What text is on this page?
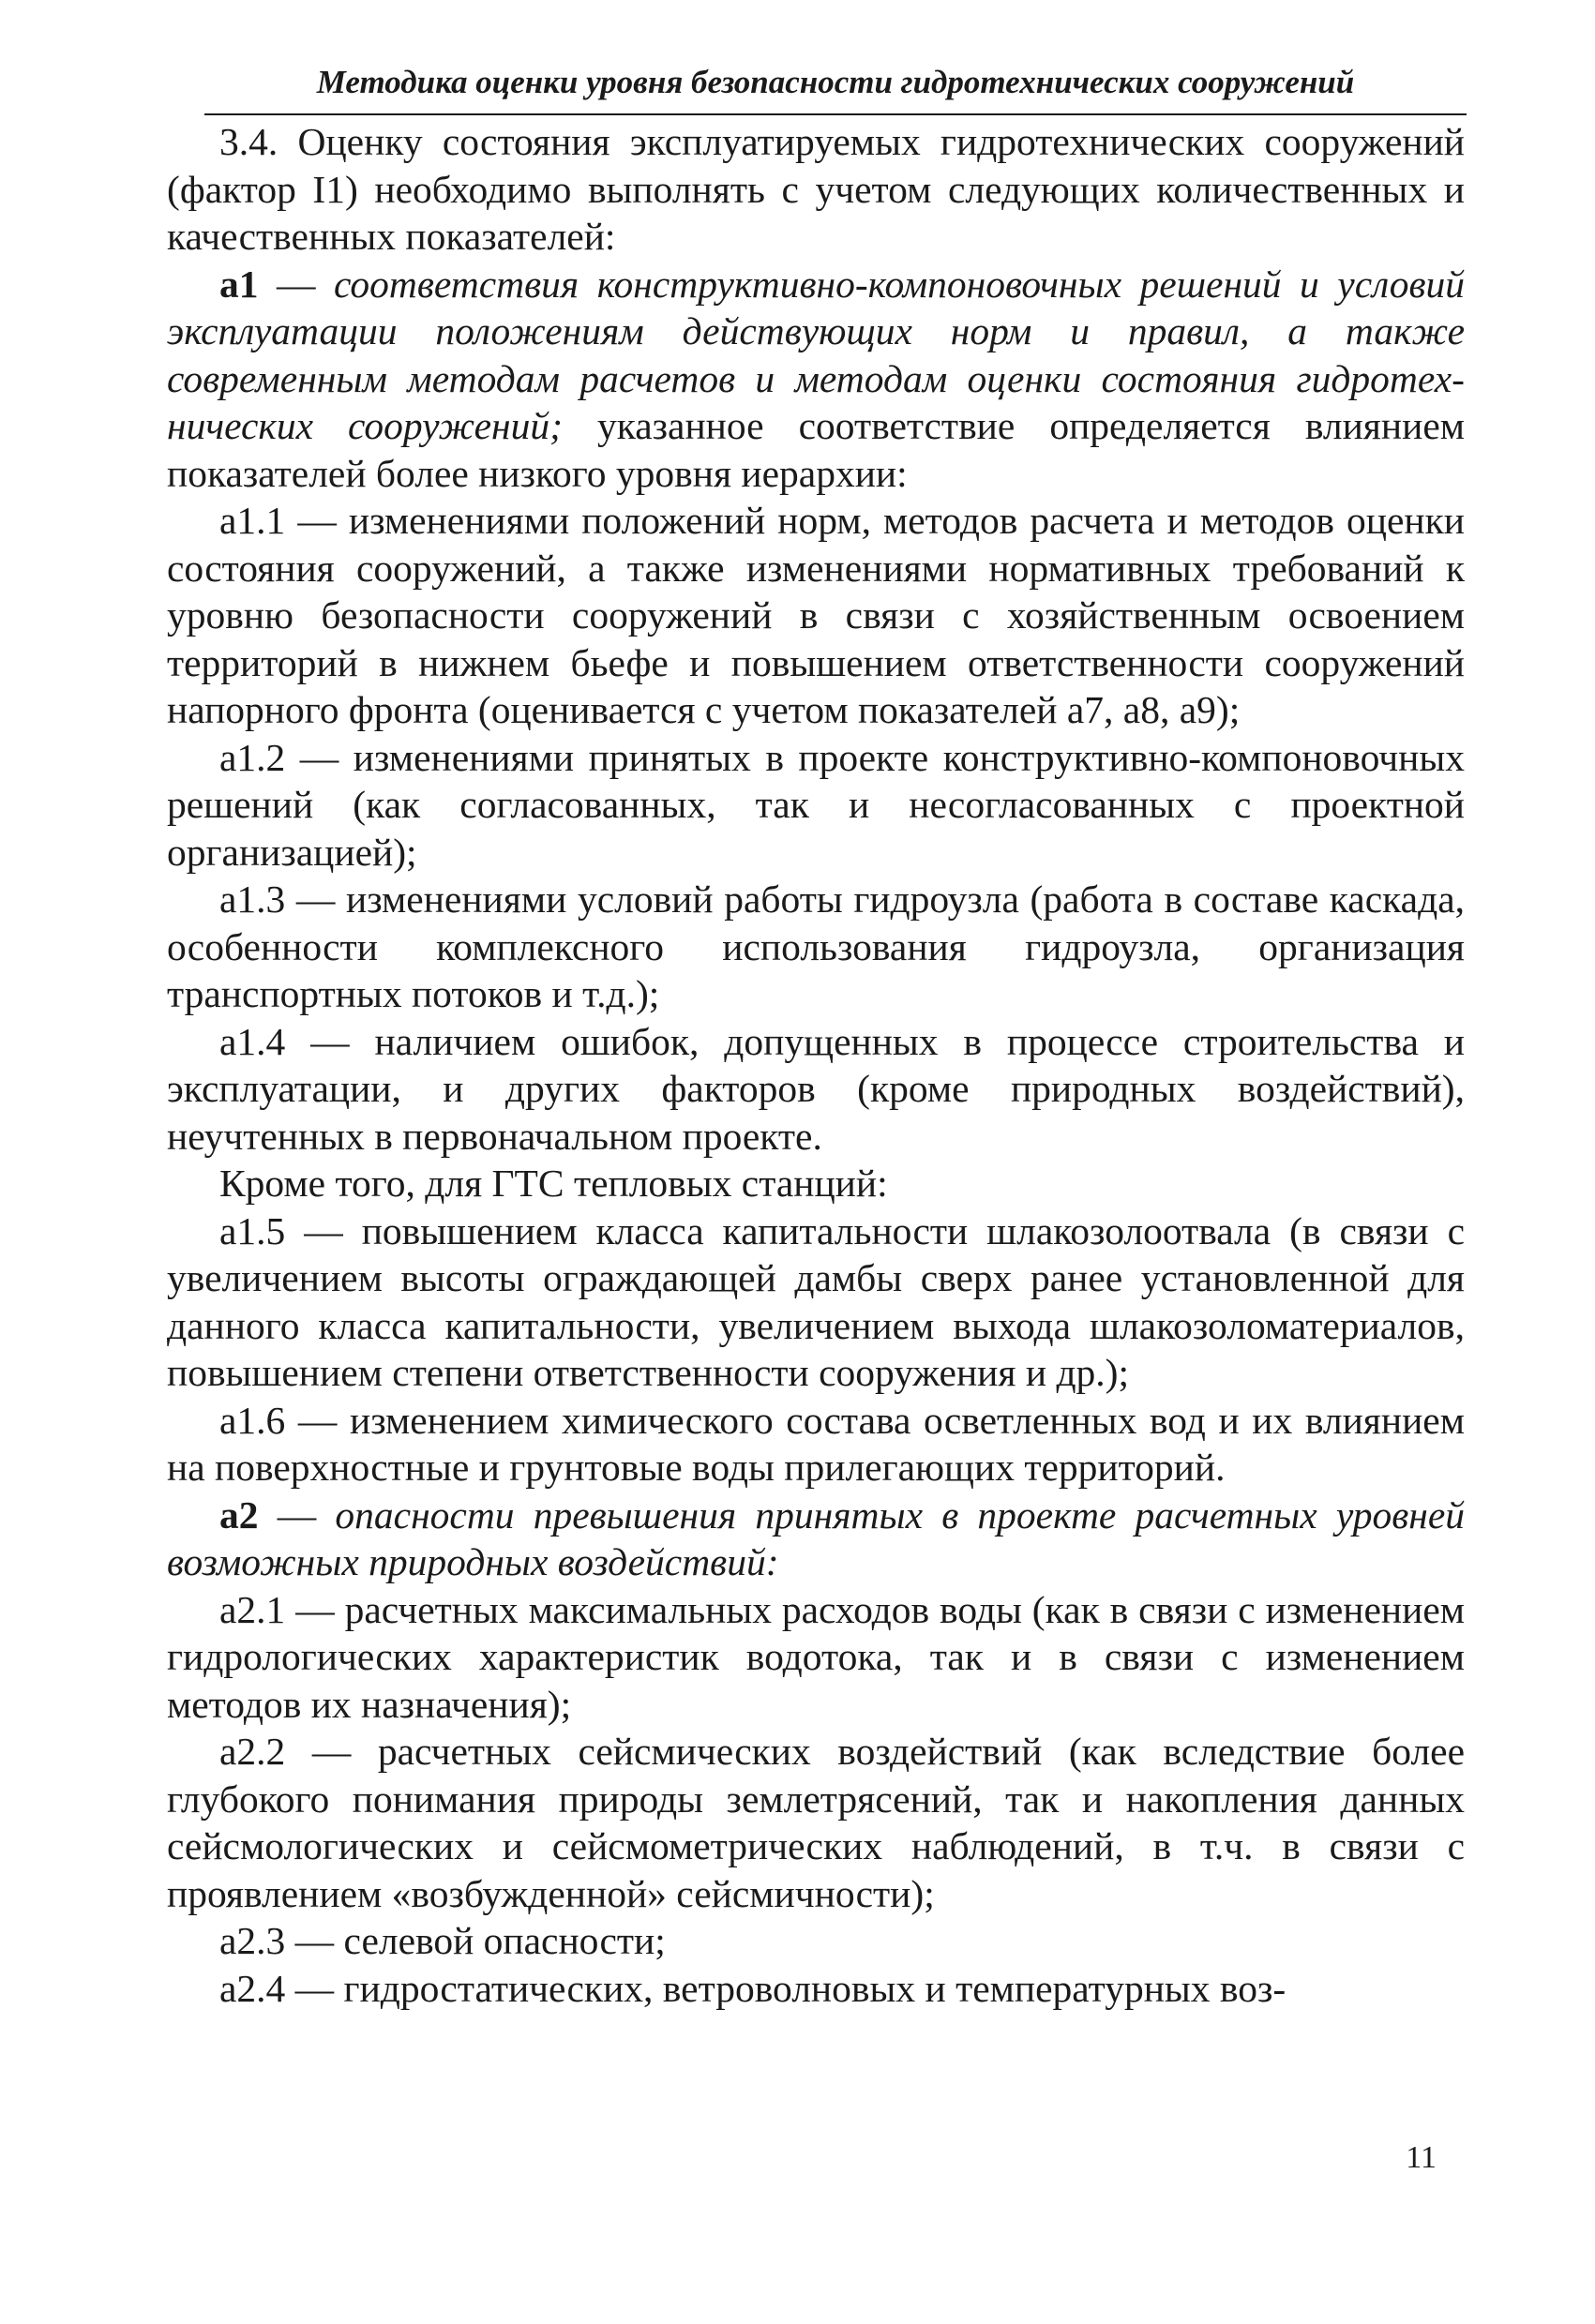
Методика оценки уровня безопасности гидротехнических сооружений

3.4. Оценку состояния эксплуатируемых гидротехнических сооружений (фактор I1) необходимо выполнять с учетом следующих количественных и качественных показателей:

а1 — соответствия конструктивно-компоновочных решений и условий эксплуатации положениям действующих норм и правил, а также современным методам расчетов и методам оценки состояния гидротехнических сооружений; указанное соответствие определяется влиянием показателей более низкого уровня иерархии:

а1.1 — изменениями положений норм, методов расчета и методов оценки состояния сооружений, а также изменениями нормативных требований к уровню безопасности сооружений в связи с хозяйственным освоением территорий в нижнем бьефе и повышением ответственности сооружений напорного фронта (оценивается с учетом показателей а7, а8, а9);

а1.2 — изменениями принятых в проекте конструктивно-компоновочных решений (как согласованных, так и несогласованных с проектной организацией);

а1.3 — изменениями условий работы гидроузла (работа в составе каскада, особенности комплексного использования гидроузла, организация транспортных потоков и т.д.);

а1.4 — наличием ошибок, допущенных в процессе строительства и эксплуатации, и других факторов (кроме природных воздействий), неучтенных в первоначальном проекте.

Кроме того, для ГТС тепловых станций:

а1.5 — повышением класса капитальности шлакозолоотвала (в связи с увеличением высоты ограждающей дамбы сверх ранее установленной для данного класса капитальности, увеличением выхода шлакозоломатериалов, повышением степени ответственности сооружения и др.);

а1.6 — изменением химического состава осветленных вод и их влиянием на поверхностные и грунтовые воды прилегающих территорий.

а2 — опасности превышения принятых в проекте расчетных уровней возможных природных воздействий:

а2.1 — расчетных максимальных расходов воды (как в связи с изменением гидрологических характеристик водотока, так и в связи с изменением методов их назначения);

а2.2 — расчетных сейсмических воздействий (как вследствие более глубокого понимания природы землетрясений, так и накопления данных сейсмологических и сейсмометрических наблюдений, в т.ч. в связи с проявлением «возбужденной» сейсмичности);

а2.3 — селевой опасности;

а2.4 — гидростатических, ветроволновых и температурных воз-

11
